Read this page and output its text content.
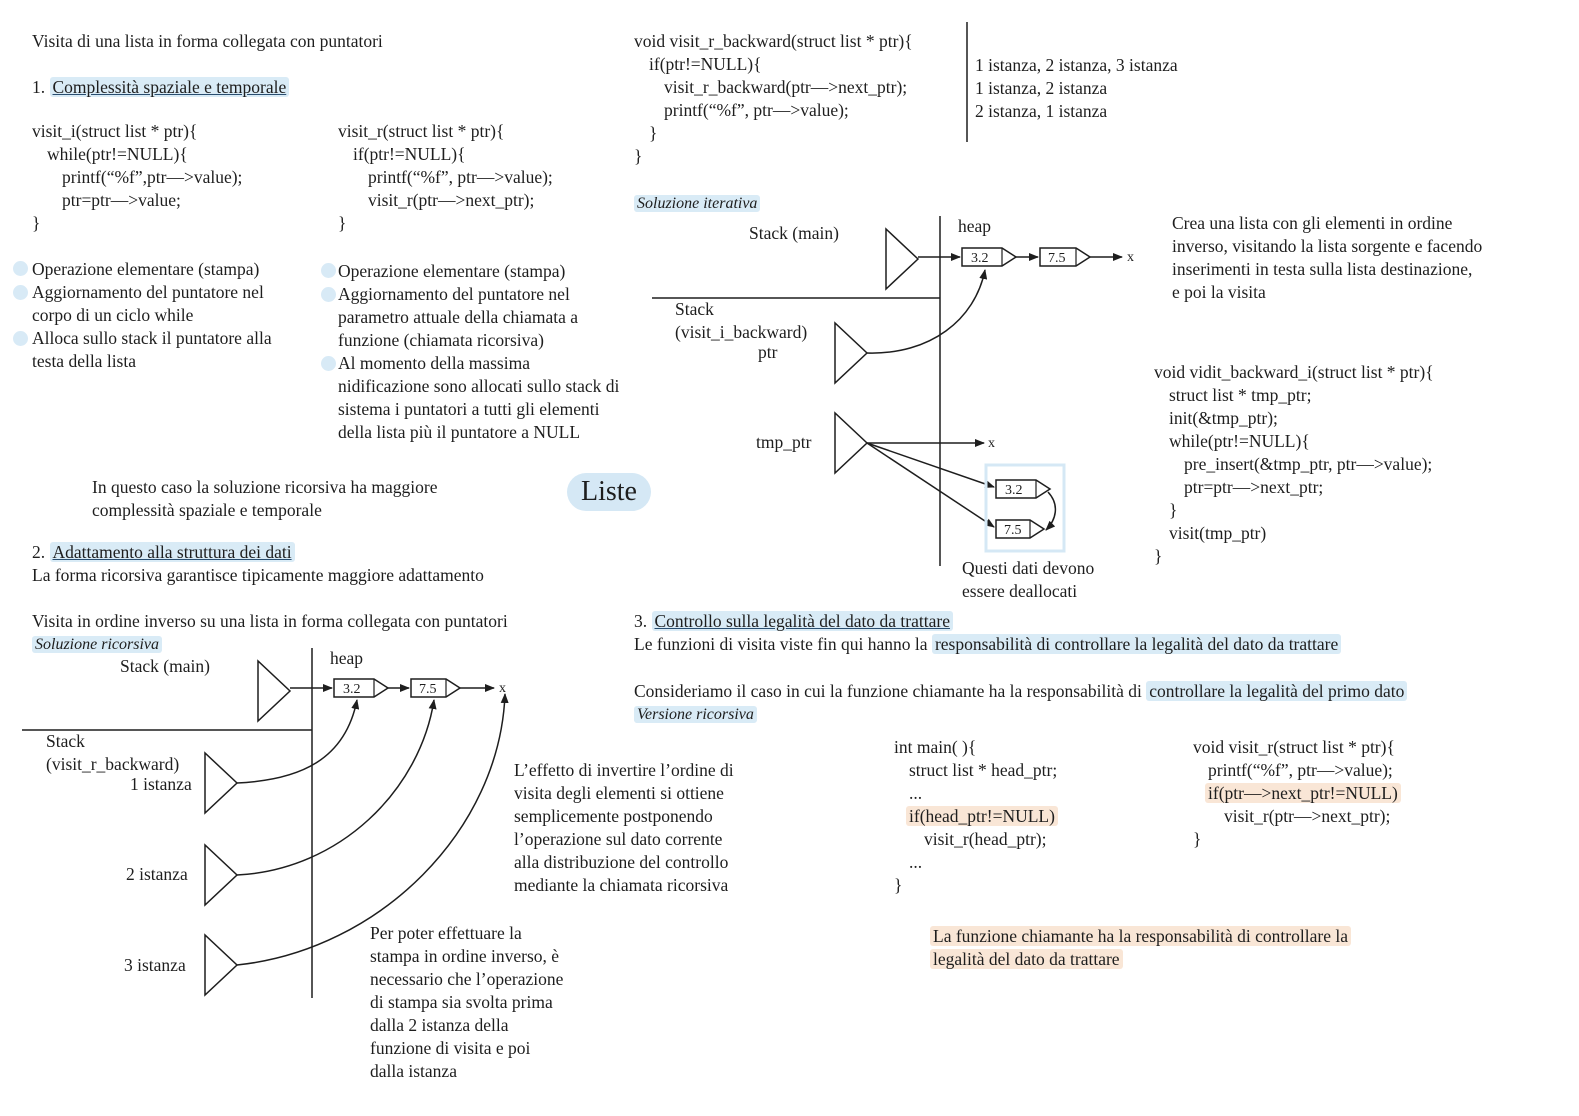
Visita di una lista in forma collegata con puntatori
1. Complessità spaziale e temporale
visit_i(struct list * ptr){
while(ptr!=NULL){
printf(“%f”,ptr—>value);
ptr=ptr—>value;
}
visit_r(struct list * ptr){
if(ptr!=NULL){
printf(“%f”, ptr—>value);
visit_r(ptr—>next_ptr);
}
Operazione elementare (stampa)
Aggiornamento del puntatore nel
corpo di un ciclo while
Alloca sullo stack il puntatore alla
testa della lista
Operazione elementare (stampa)
Aggiornamento del puntatore nel
parametro attuale della chiamata a
funzione (chiamata ricorsiva)
Al momento della massima
nidificazione sono allocati sullo stack di
sistema i puntatori a tutti gli elementi
della lista più il puntatore a NULL
In questo caso la soluzione ricorsiva ha maggiore
complessità spaziale e temporale
Liste
2. Adattamento alla struttura dei dati
La forma ricorsiva garantisce tipicamente maggiore adattamento
Visita in ordine inverso su una lista in forma collegata con puntatori
Soluzione ricorsiva
Stack (main)	heap
Stack
(visit_r_backward)
1 istanza
2 istanza
3 istanza
L’effetto di invertire l’ordine di
visita degli elementi si ottiene
semplicemente postponendo
l’operazione sul dato corrente
alla distribuzione del controllo
mediante la chiamata ricorsiva
Per poter effettuare la
stampa in ordine inverso, è
necessario che l’operazione
di stampa sia svolta prima
dalla 2 istanza della
funzione di visita e poi
dalla istanza
void visit_r_backward(struct list * ptr){
if(ptr!=NULL){
visit_r_backward(ptr—>next_ptr);
printf(“%f”, ptr—>value);
}
}
1 istanza, 2 istanza, 3 istanza
1 istanza, 2 istanza
2 istanza, 1 istanza
Soluzione iterativa
Stack (main)	heap
Stack
(visit_i_backward)
ptr
tmp_ptr
Questi dati devono
essere deallocati
Crea una lista con gli elementi in ordine
inverso, visitando la lista sorgente e facendo
inserimenti in testa sulla lista destinazione,
e poi la visita
void vidit_backward_i(struct list * ptr){
struct list * tmp_ptr;
init(&tmp_ptr);
while(ptr!=NULL){
pre_insert(&tmp_ptr, ptr—>value);
ptr=ptr—>next_ptr;
}
visit(tmp_ptr)
}
3. Controllo sulla legalità del dato da trattare
Le funzioni di visita viste fin qui hanno la responsabilità di controllare la legalità del dato da trattare
Consideriamo il caso in cui la funzione chiamante ha la responsabilità di controllare la legalità del primo dato
Versione ricorsiva
int main( ){
struct list * head_ptr;
...
if(head_ptr!=NULL)
visit_r(head_ptr);
...
}
void visit_r(struct list * ptr){
printf(“%f”, ptr—>value);
if(ptr—>next_ptr!=NULL)
visit_r(ptr—>next_ptr);
}
La funzione chiamante ha la responsabilità di controllare la
legalità del dato da trattare
3.2	7.5	x
3.2	7.5	x
x
3.2
7.5
